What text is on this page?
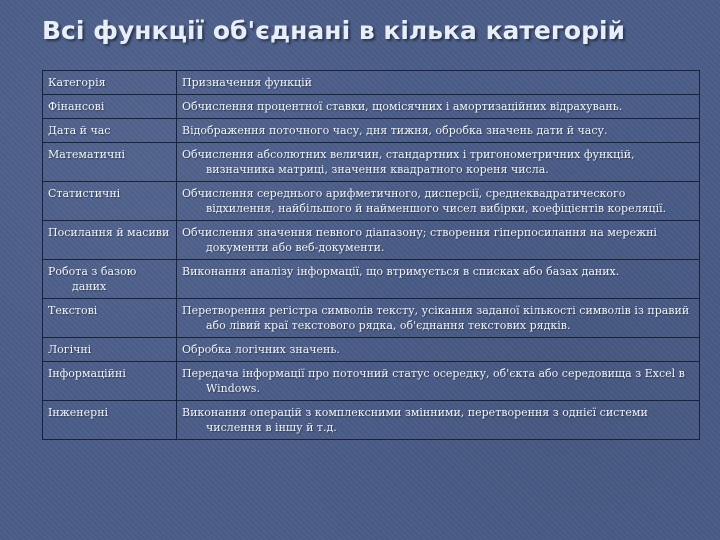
Всі функції об'єднані в кілька категорій
Категорія	Призначення функцій

Фінансові	Обчислення процентної ставки, щомісячних і амортизаційних відрахувань.

Дата й час	Відображення поточного часу, дня тижня, обробка значень дати й часу.

Математичні	Обчислення абсолютних величин, стандартних і тригонометричних функцій, визначника матриці, значення квадратного кореня числа.

Статистичні	Обчислення середнього арифметичного, дисперсії, среднеквадратического відхилення, найбільшого й найменшого чисел вибірки, коефіцієнтів кореляції.

Посилання й масиви	Обчислення значення певного діапазону; створення гіперпосилання на мережні документи або веб-документи.

Робота з базою даних	Виконання аналізу інформації, що втримується в списках або базах даних.

Текстові	Перетворення регістра символів тексту, усікання заданої кількості символів із правий або лівий краї текстового рядка, об'єднання текстових рядків.

Логічні	Обробка логічних значень.

Інформаційні	Передача інформації про поточний статус осередку, об'єкта або середовища з Excel в Windows.

Інженерні	Виконання операцій з комплексними змінними, перетворення з однієї системи числення в іншу й т.д.
